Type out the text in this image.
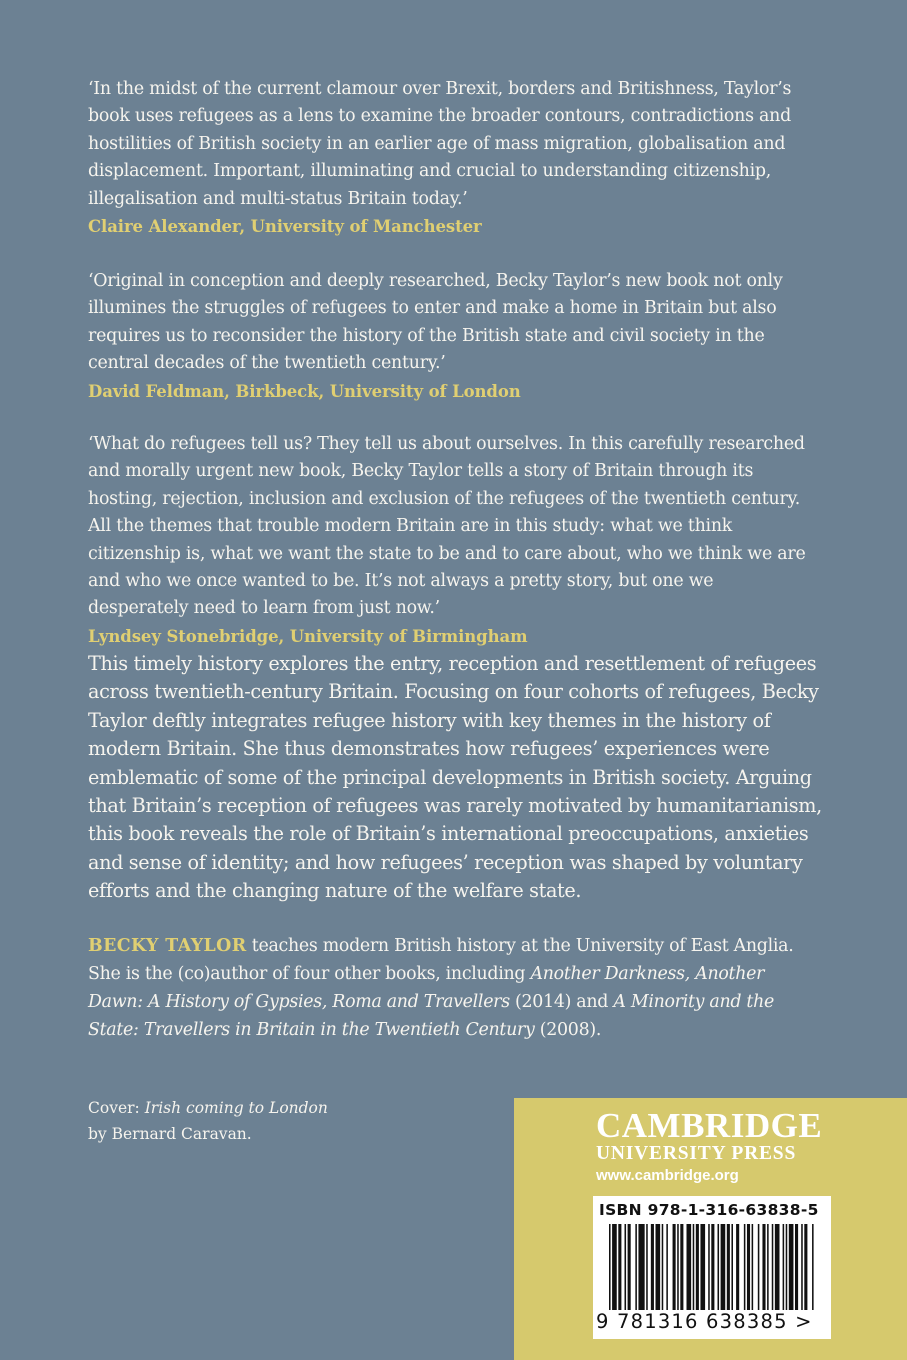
‘In the midst of the current clamour over Brexit, borders and Britishness, Taylor’s book uses refugees as a lens to examine the broader contours, contradictions and hostilities of British society in an earlier age of mass migration, globalisation and displacement. Important, illuminating and crucial to understanding citizenship, illegalisation and multi-status Britain today.’

Claire Alexander, University of Manchester

‘Original in conception and deeply researched, Becky Taylor’s new book not only illumines the struggles of refugees to enter and make a home in Britain but also requires us to reconsider the history of the British state and civil society in the central decades of the twentieth century.’

David Feldman, Birkbeck, University of London

‘What do refugees tell us? They tell us about ourselves. In this carefully researched and morally urgent new book, Becky Taylor tells a story of Britain through its hosting, rejection, inclusion and exclusion of the refugees of the twentieth century. All the themes that trouble modern Britain are in this study: what we think citizenship is, what we want the state to be and to care about, who we think we are and who we once wanted to be. It’s not always a pretty story, but one we desperately need to learn from just now.’

Lyndsey Stonebridge, University of Birmingham

This timely history explores the entry, reception and resettlement of refugees across twentieth-century Britain. Focusing on four cohorts of refugees, Becky Taylor deftly integrates refugee history with key themes in the history of modern Britain. She thus demonstrates how refugees’ experiences were emblematic of some of the principal developments in British society. Arguing that Britain’s reception of refugees was rarely motivated by humanitarianism, this book reveals the role of Britain’s international preoccupations, anxieties and sense of identity; and how refugees’ reception was shaped by voluntary efforts and the changing nature of the welfare state.

BECKY TAYLOR teaches modern British history at the University of East Anglia. She is the (co)author of four other books, including Another Darkness, Another Dawn: A History of Gypsies, Roma and Travellers (2014) and A Minority and the State: Travellers in Britain in the Twentieth Century (2008).

Cover: Irish coming to London

by Bernard Caravan.	CAMBRIDGE
UNIVERSITY PRESS
www.cambridge.org
ISBN 978-1-316-63838-5
9 781316 638385 >
